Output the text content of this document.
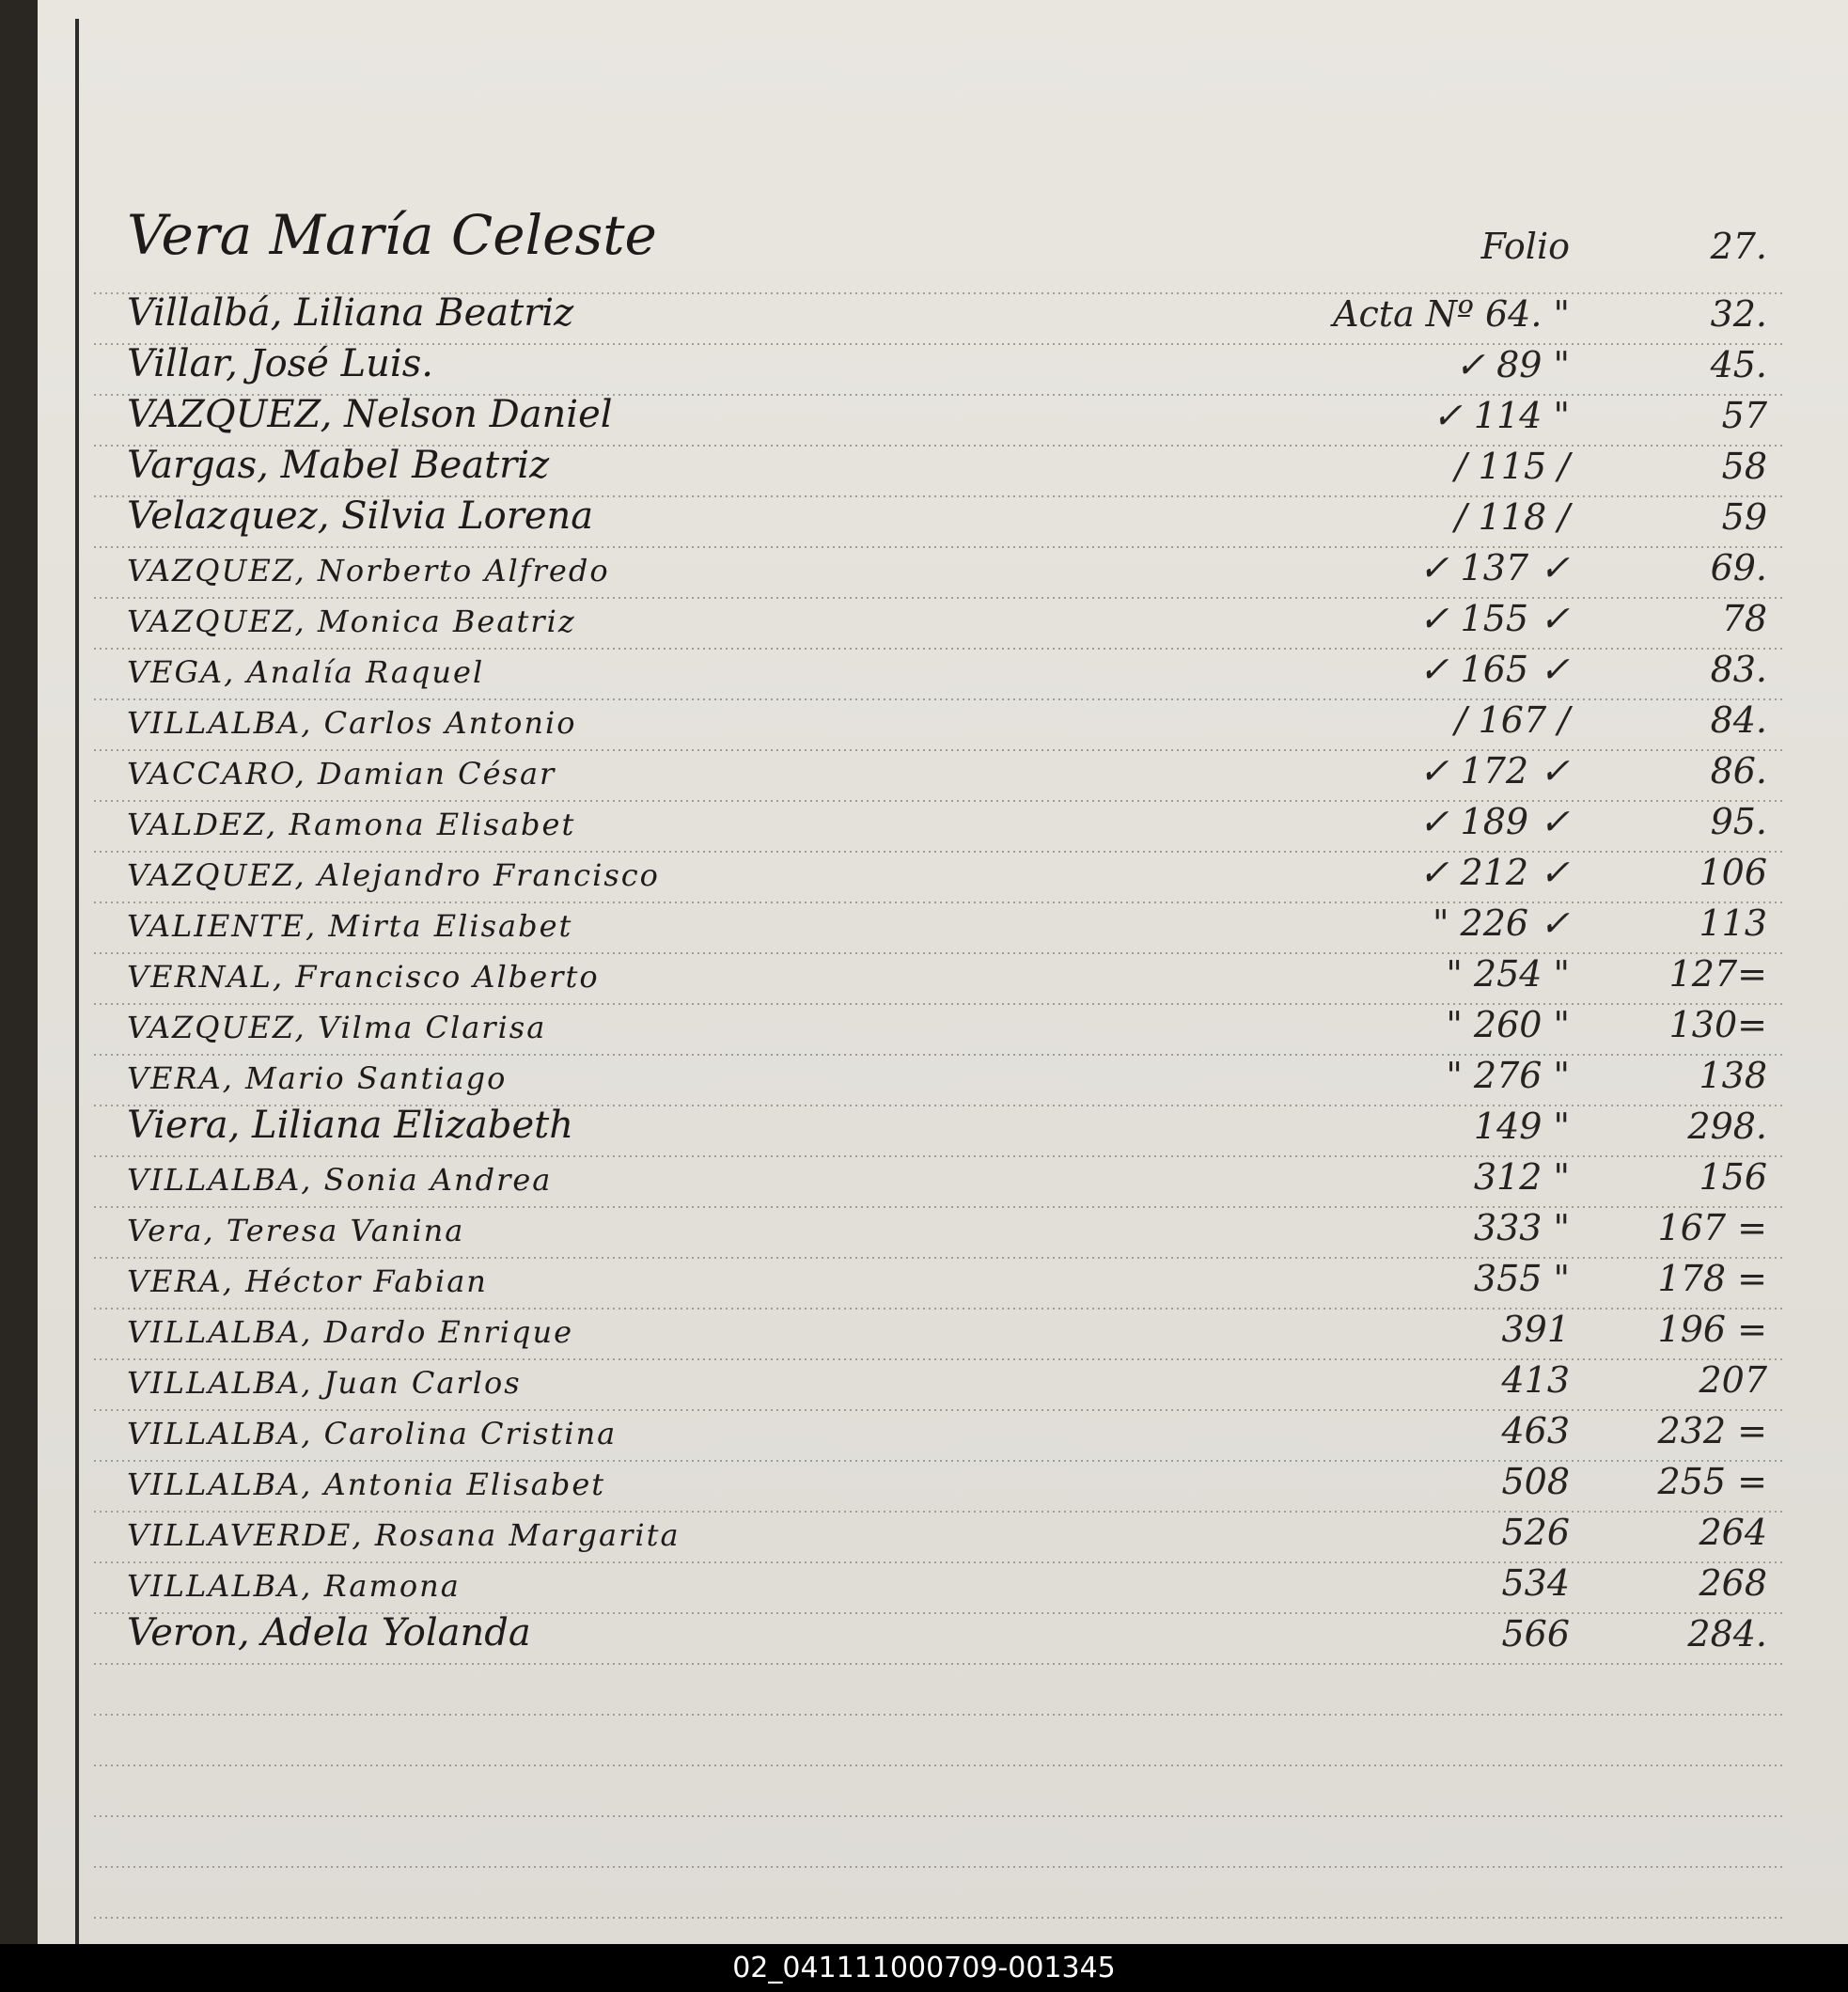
Vera María Celeste	Folio	27.
Villalbá, Liliana Beatriz	Acta Nº 64. "	32.
Villar, José Luis.	✓ 89 "	45.
VAZQUEZ, Nelson Daniel	✓ 114 "	57
Vargas, Mabel Beatriz	/ 115 /	58
Velazquez, Silvia Lorena	/ 118 /	59
VAZQUEZ, Norberto Alfredo	✓ 137 ✓	69.
VAZQUEZ, Monica Beatriz	✓ 155 ✓	78
VEGA, Analía Raquel	✓ 165 ✓	83.
VILLALBA, Carlos Antonio	/ 167 /	84.
VACCARO, Damian César	✓ 172 ✓	86.
VALDEZ, Ramona Elisabet	✓ 189 ✓	95.
VAZQUEZ, Alejandro Francisco	✓ 212 ✓	106
VALIENTE, Mirta Elisabet	" 226 ✓	113
VERNAL, Francisco Alberto	" 254 "	127=
VAZQUEZ, Vilma Clarisa	" 260 "	130=
VERA, Mario Santiago	" 276 "	138
Viera, Liliana Elizabeth	149 "	298.
VILLALBA, Sonia Andrea	312 "	156
Vera, Teresa Vanina	333 "	167 =
VERA, Héctor Fabian	355 "	178 =
VILLALBA, Dardo Enrique	391	196 =
VILLALBA, Juan Carlos	413	207
VILLALBA, Carolina Cristina	463	232 =
VILLALBA, Antonia Elisabet	508	255 =
VILLAVERDE, Rosana Margarita	526	264
VILLALBA, Ramona	534	268
Veron, Adela Yolanda	566	284.
02_041111000709-001345
